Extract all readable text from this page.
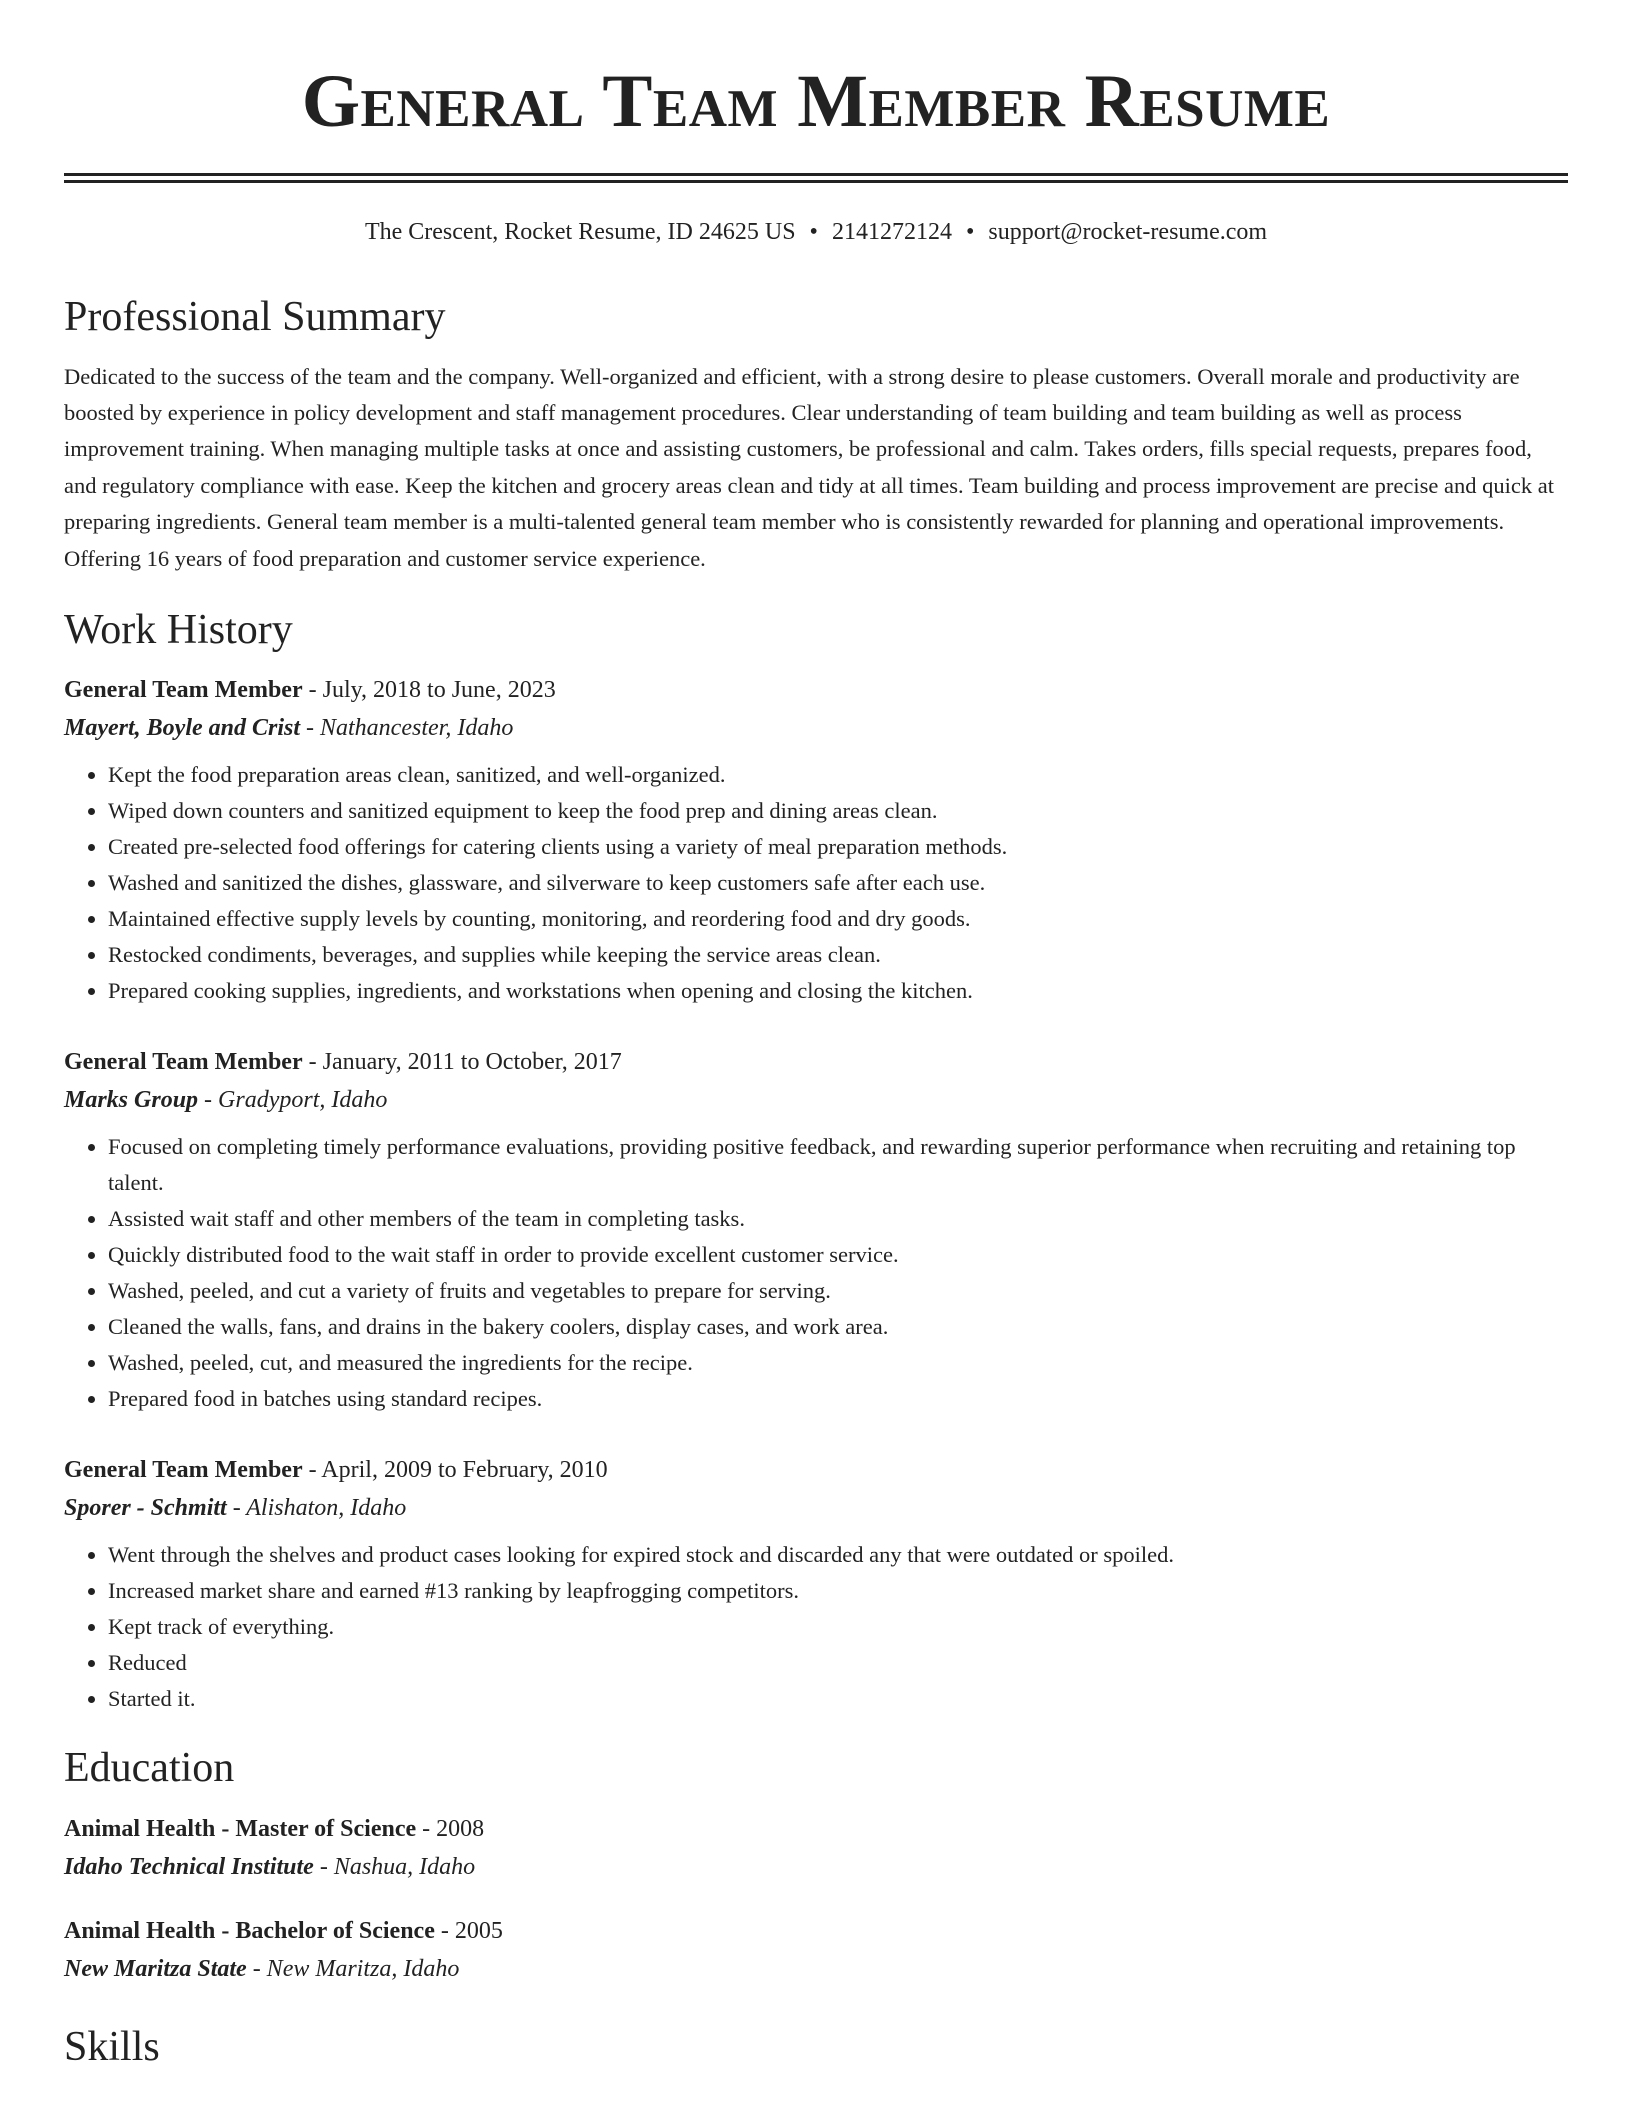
General Team Member Resume
The Crescent, Rocket Resume, ID 24625 US • 2141272124 • support@rocket-resume.com
Professional Summary
Dedicated to the success of the team and the company. Well-organized and efficient, with a strong desire to please customers. Overall morale and productivity are boosted by experience in policy development and staff management procedures. Clear understanding of team building and team building as well as process improvement training. When managing multiple tasks at once and assisting customers, be professional and calm. Takes orders, fills special requests, prepares food, and regulatory compliance with ease. Keep the kitchen and grocery areas clean and tidy at all times. Team building and process improvement are precise and quick at preparing ingredients. General team member is a multi-talented general team member who is consistently rewarded for planning and operational improvements. Offering 16 years of food preparation and customer service experience.
Work History
General Team Member - July, 2018 to June, 2023
Mayert, Boyle and Crist - Nathancester, Idaho
• Kept the food preparation areas clean, sanitized, and well-organized.
• Wiped down counters and sanitized equipment to keep the food prep and dining areas clean.
• Created pre-selected food offerings for catering clients using a variety of meal preparation methods.
• Washed and sanitized the dishes, glassware, and silverware to keep customers safe after each use.
• Maintained effective supply levels by counting, monitoring, and reordering food and dry goods.
• Restocked condiments, beverages, and supplies while keeping the service areas clean.
• Prepared cooking supplies, ingredients, and workstations when opening and closing the kitchen.
General Team Member - January, 2011 to October, 2017
Marks Group - Gradyport, Idaho
• Focused on completing timely performance evaluations, providing positive feedback, and rewarding superior performance when recruiting and retaining top talent.
• Assisted wait staff and other members of the team in completing tasks.
• Quickly distributed food to the wait staff in order to provide excellent customer service.
• Washed, peeled, and cut a variety of fruits and vegetables to prepare for serving.
• Cleaned the walls, fans, and drains in the bakery coolers, display cases, and work area.
• Washed, peeled, cut, and measured the ingredients for the recipe.
• Prepared food in batches using standard recipes.
General Team Member - April, 2009 to February, 2010
Sporer - Schmitt - Alishaton, Idaho
• Went through the shelves and product cases looking for expired stock and discarded any that were outdated or spoiled.
• Increased market share and earned #13 ranking by leapfrogging competitors.
• Kept track of everything.
• Reduced
• Started it.
Education
Animal Health - Master of Science - 2008
Idaho Technical Institute - Nashua, Idaho
Animal Health - Bachelor of Science - 2005
New Maritza State - New Maritza, Idaho
Skills
